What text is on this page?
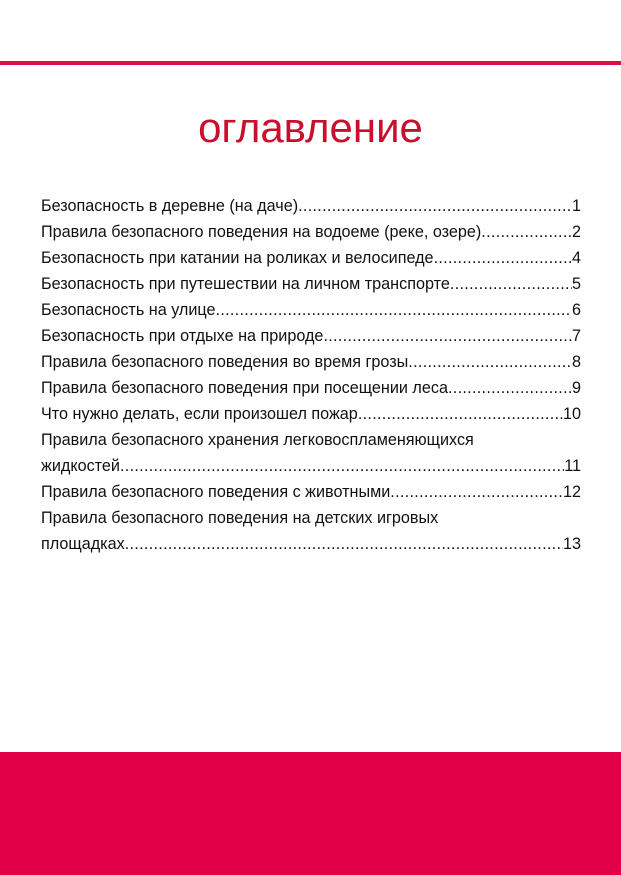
оглавление
Безопасность в деревне (на даче) .....	1
Правила безопасного поведения на водоеме (реке, озере) .....	2
Безопасность при катании на роликах и велосипеде .....	4
Безопасность при путешествии на личном транспорте .....	5
Безопасность на улице .....	6
Безопасность при отдыхе на природе .....	7
Правила безопасного поведения во время грозы .....	8
Правила безопасного поведения при посещении леса .....	9
Что нужно делать, если произошел пожар .....	10
Правила безопасного хранения легковоспламеняющихся
жидкостей .....	11
Правила безопасного поведения с животными .....	12
Правила безопасного поведения на детских игровых
площадках .....	13
